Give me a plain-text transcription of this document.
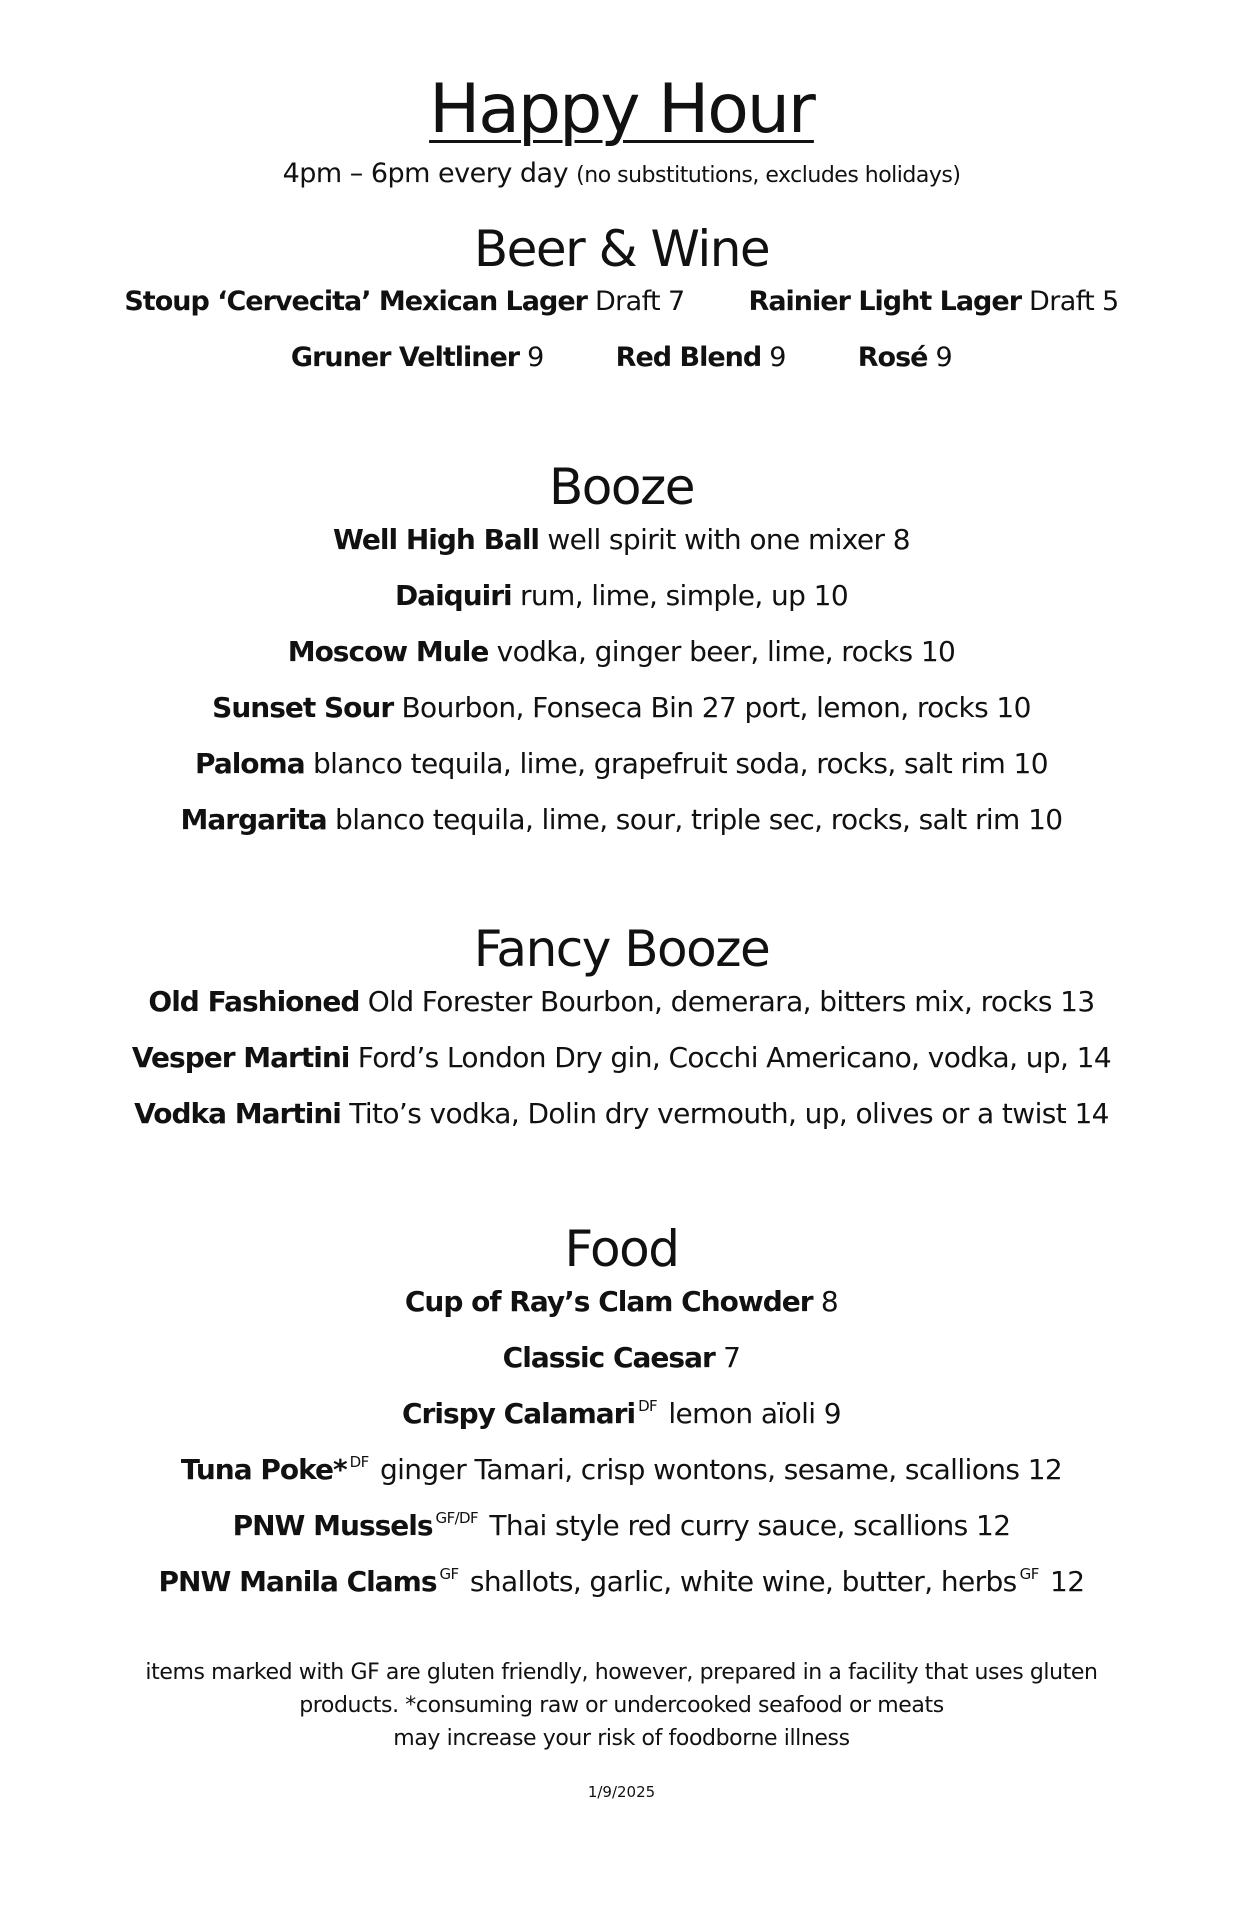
Happy Hour
4pm – 6pm every day (no substitutions, excludes holidays)
Beer & Wine
Stoup ‘Cervecita’ Mexican Lager Draft 7 Rainier Light Lager Draft 5
Gruner Veltliner 9	Red Blend 9	Rosé 9
Booze
Well High Ball well spirit with one mixer 8
Daiquiri rum, lime, simple, up 10
Moscow Mule vodka, ginger beer, lime, rocks 10
Sunset Sour Bourbon, Fonseca Bin 27 port, lemon, rocks 10
Paloma blanco tequila, lime, grapefruit soda, rocks, salt rim 10
Margarita blanco tequila, lime, sour, triple sec, rocks, salt rim 10
Fancy Booze
Old Fashioned Old Forester Bourbon, demerara, bitters mix, rocks 13
Vesper Martini Ford’s London Dry gin, Cocchi Americano, vodka, up, 14
Vodka Martini Tito’s vodka, Dolin dry vermouth, up, olives or a twist 14
Food
Cup of Ray’s Clam Chowder 8
Classic Caesar 7
Crispy Calamari $^{DF}$ lemon aïoli 9
Tuna Poke* $^{DF}$ ginger Tamari, crisp wontons, sesame, scallions 12
PNW Mussels $^{GF/DF}$ Thai style red curry sauce, scallions 12
PNW Manila Clams $^{GF}$ shallots, garlic, white wine, butter, herbs $^{GF}$ 12
items marked with GF are gluten friendly, however, prepared in a facility that uses gluten
products. *consuming raw or undercooked seafood or meats
may increase your risk of foodborne illness
1/9/2025
